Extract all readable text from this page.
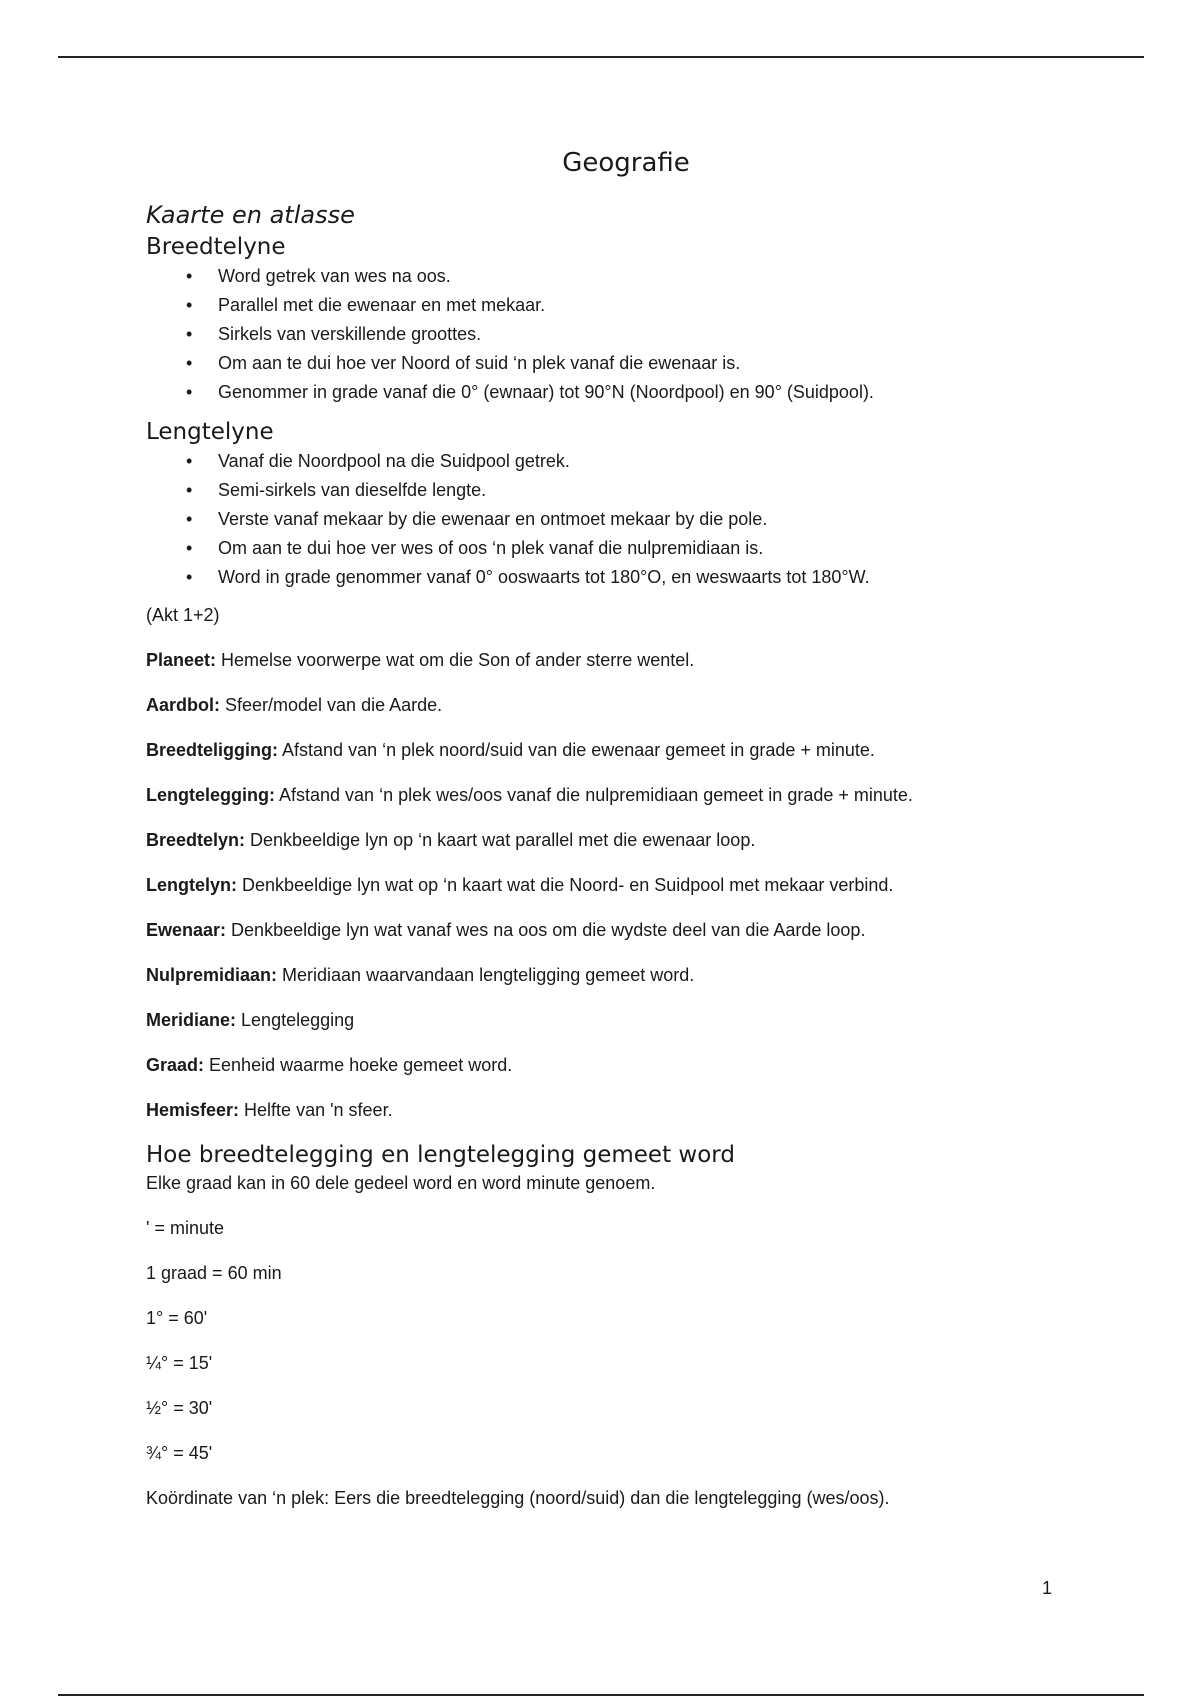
Geografie
Kaarte en atlasse
Breedtelyne
• Word getrek van wes na oos.
• Parallel met die ewenaar en met mekaar.
• Sirkels van verskillende groottes.
• Om aan te dui hoe ver Noord of suid ‘n plek vanaf die ewenaar is.
• Genommer in grade vanaf die 0° (ewnaar) tot 90°N (Noordpool) en 90° (Suidpool).
Lengtelyne
• Vanaf die Noordpool na die Suidpool getrek.
• Semi-sirkels van dieselfde lengte.
• Verste vanaf mekaar by die ewenaar en ontmoet mekaar by die pole.
• Om aan te dui hoe ver wes of oos ‘n plek vanaf die nulpremidiaan is.
• Word in grade genommer vanaf 0° ooswaarts tot 180°O, en weswaarts tot 180°W.

(Akt 1+2)

Planeet: Hemelse voorwerpe wat om die Son of ander sterre wentel.

Aardbol: Sfeer/model van die Aarde.

Breedteligging: Afstand van ‘n plek noord/suid van die ewenaar gemeet in grade + minute.

Lengtelegging: Afstand van ‘n plek wes/oos vanaf die nulpremidiaan gemeet in grade + minute.

Breedtelyn: Denkbeeldige lyn op ‘n kaart wat parallel met die ewenaar loop.

Lengtelyn: Denkbeeldige lyn wat op ‘n kaart wat die Noord- en Suidpool met mekaar verbind.

Ewenaar: Denkbeeldige lyn wat vanaf wes na oos om die wydste deel van die Aarde loop.

Nulpremidiaan: Meridiaan waarvandaan lengteligging gemeet word.

Meridiane: Lengtelegging

Graad: Eenheid waarme hoeke gemeet word.

Hemisfeer: Helfte van 'n sfeer.

Hoe breedtelegging en lengtelegging gemeet word

Elke graad kan in 60 dele gedeel word en word minute genoem.

' = minute

1 graad = 60 min

1° = 60'

¼° = 15'

½° = 30'

¾° = 45'

Koördinate van ‘n plek: Eers die breedtelegging (noord/suid) dan die lengtelegging (wes/oos).

1
